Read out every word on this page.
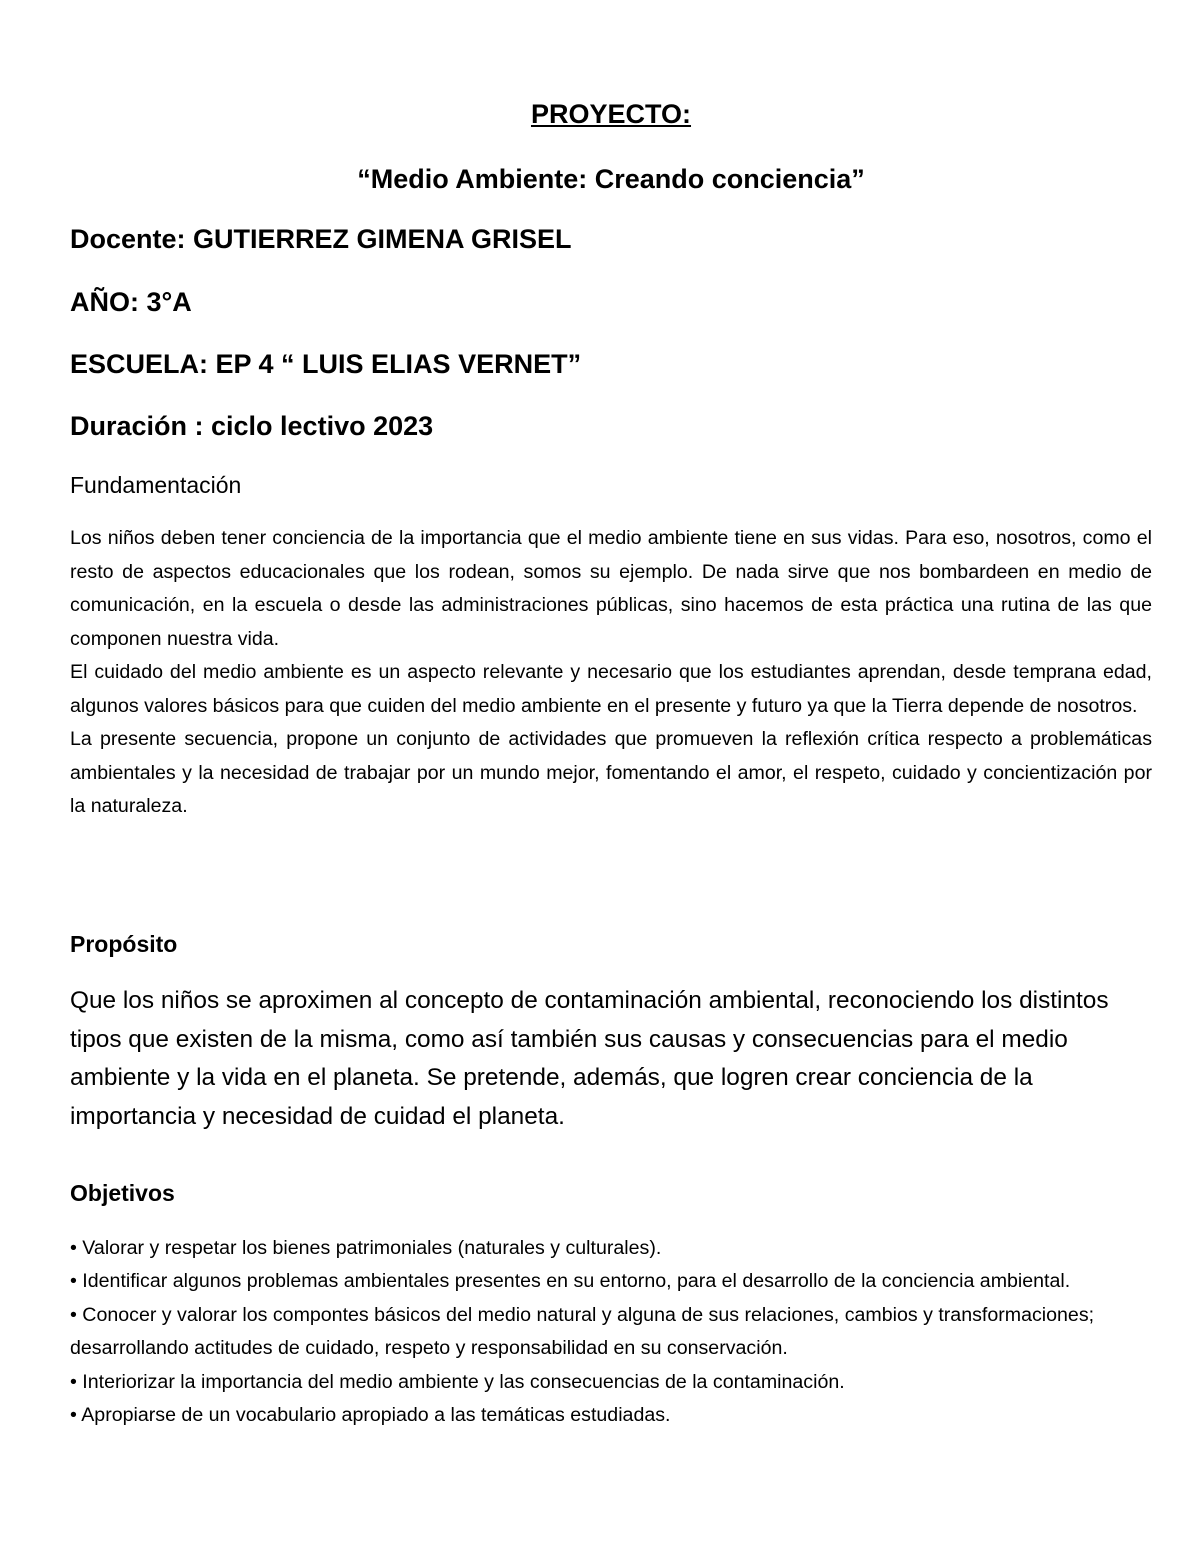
PROYECTO:
“Medio Ambiente: Creando conciencia”
Docente: GUTIERREZ GIMENA GRISEL
AÑO: 3°A
ESCUELA: EP 4 “ LUIS ELIAS VERNET”
Duración : ciclo lectivo 2023
Fundamentación

Los niños deben tener conciencia de la importancia que el medio ambiente tiene en sus vidas. Para eso, nosotros, como el resto de aspectos educacionales que los rodean, somos su ejemplo. De nada sirve que nos bombardeen en medio de comunicación, en la escuela o desde las administraciones públicas, sino hacemos de esta práctica una rutina de las que componen nuestra vida.

El cuidado del medio ambiente es un aspecto relevante y necesario que los estudiantes aprendan, desde temprana edad, algunos valores básicos para que cuiden del medio ambiente en el presente y futuro ya que la Tierra depende de nosotros.

La presente secuencia, propone un conjunto de actividades que promueven la reflexión crítica respecto a problemáticas ambientales y la necesidad de trabajar por un mundo mejor, fomentando el amor, el respeto, cuidado y concientización por la naturaleza.

Propósito
Que los niños se aproximen al concepto de contaminación ambiental, reconociendo los distintos tipos que existen de la misma, como así también sus causas y consecuencias para el medio ambiente y la vida en el planeta. Se pretende, además, que logren crear conciencia de la importancia y necesidad de cuidad el planeta.
Objetivos
• Valorar y respetar los bienes patrimoniales (naturales y culturales).
• Identificar algunos problemas ambientales presentes en su entorno, para el desarrollo de la conciencia ambiental.
• Conocer y valorar los compontes básicos del medio natural y alguna de sus relaciones, cambios y transformaciones; desarrollando actitudes de cuidado, respeto y responsabilidad en su conservación.
• Interiorizar la importancia del medio ambiente y las consecuencias de la contaminación.
• Apropiarse de un vocabulario apropiado a las temáticas estudiadas.
